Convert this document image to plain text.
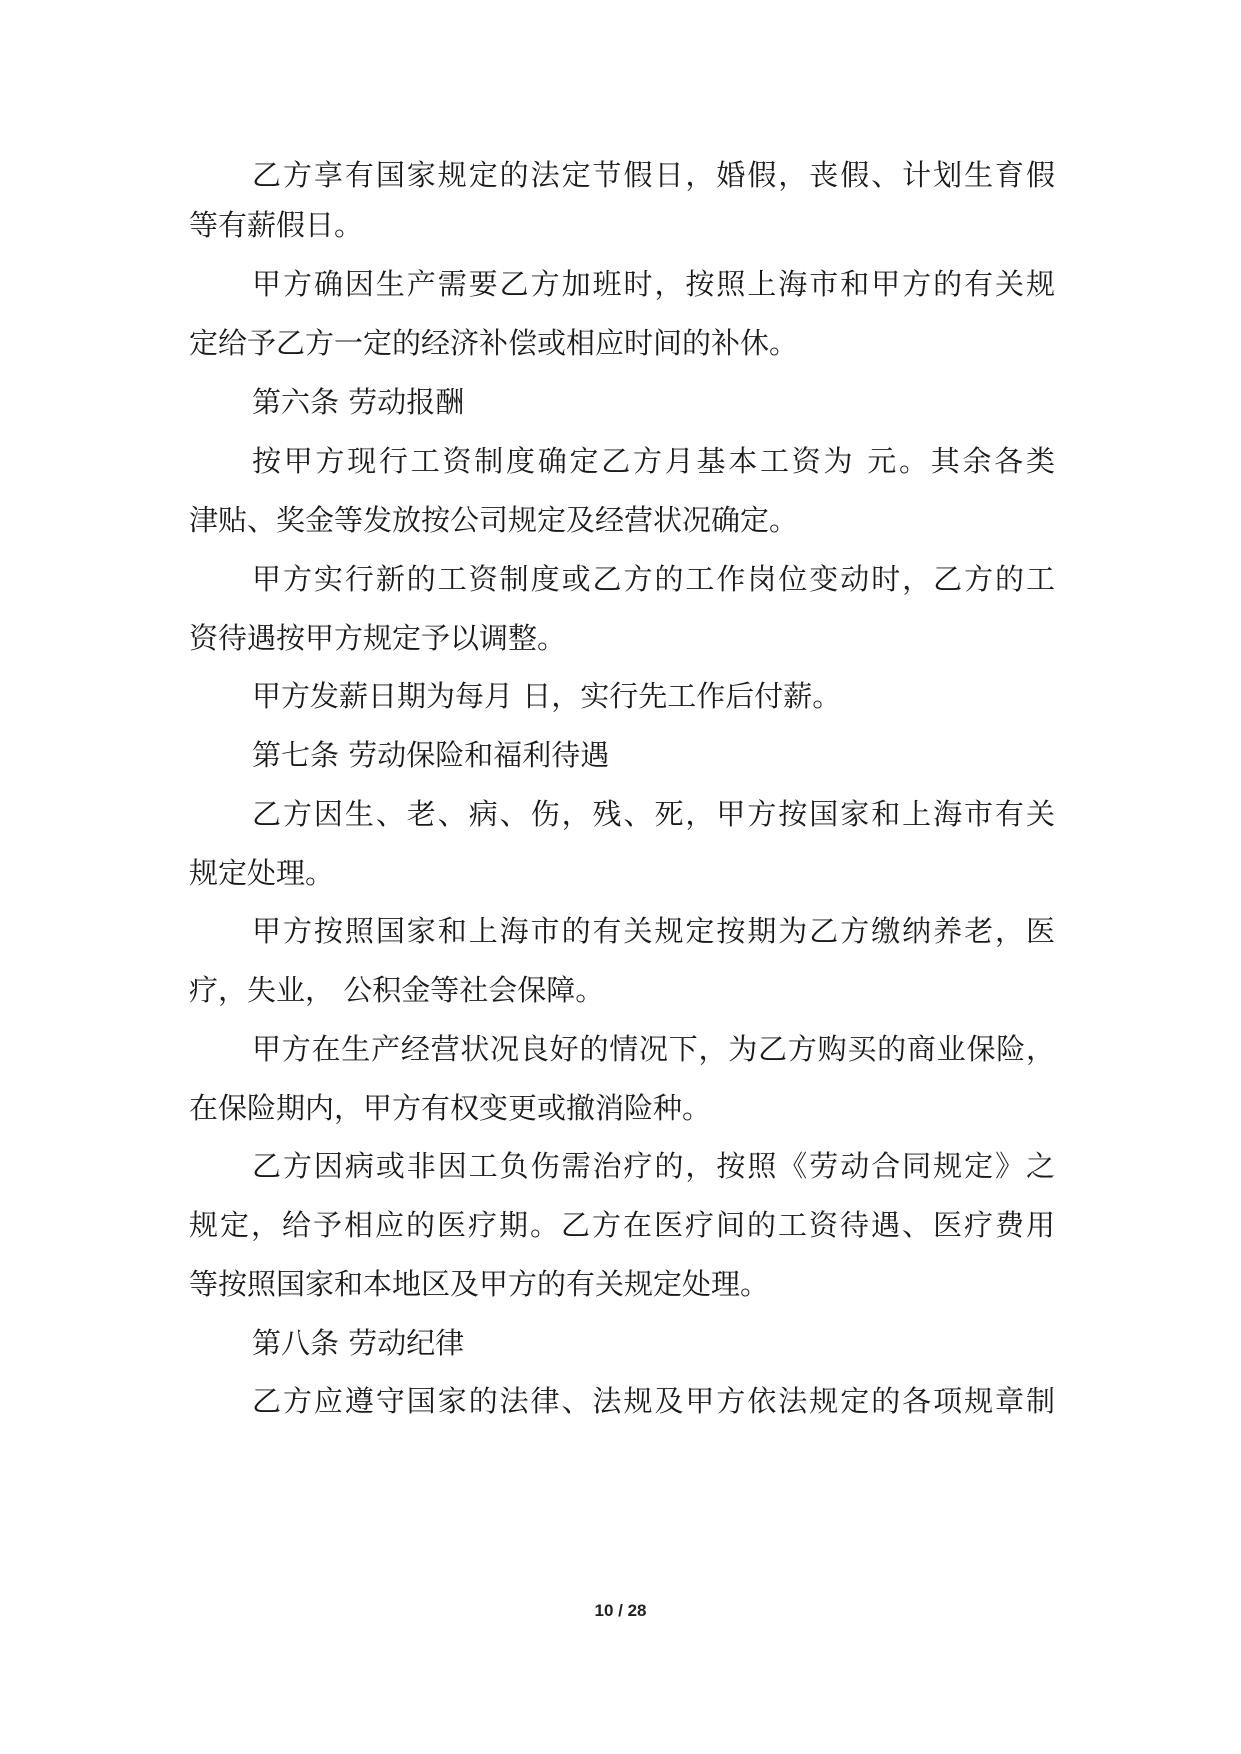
乙方享有国家规定的法定节假日，婚假，丧假、计划生育假
等有薪假日。
甲方确因生产需要乙方加班时，按照上海市和甲方的有关规
定给予乙方一定的经济补偿或相应时间的补休。
第六条 劳动报酬
按甲方现行工资制度确定乙方月基本工资为 元。其余各类
津贴、奖金等发放按公司规定及经营状况确定。
甲方实行新的工资制度或乙方的工作岗位变动时，乙方的工
资待遇按甲方规定予以调整。
甲方发薪日期为每月 日，实行先工作后付薪。
第七条 劳动保险和福利待遇
乙方因生、老、病、伤，残、死，甲方按国家和上海市有关
规定处理。
甲方按照国家和上海市的有关规定按期为乙方缴纳养老，医
疗，失业， 公积金等社会保障。
甲方在生产经营状况良好的情况下，为乙方购买的商业保险，
在保险期内，甲方有权变更或撤消险种。
乙方因病或非因工负伤需治疗的，按照《劳动合同规定》之
规定，给予相应的医疗期。乙方在医疗间的工资待遇、医疗费用
等按照国家和本地区及甲方的有关规定处理。
第八条 劳动纪律
乙方应遵守国家的法律、法规及甲方依法规定的各项规章制
10 / 28
